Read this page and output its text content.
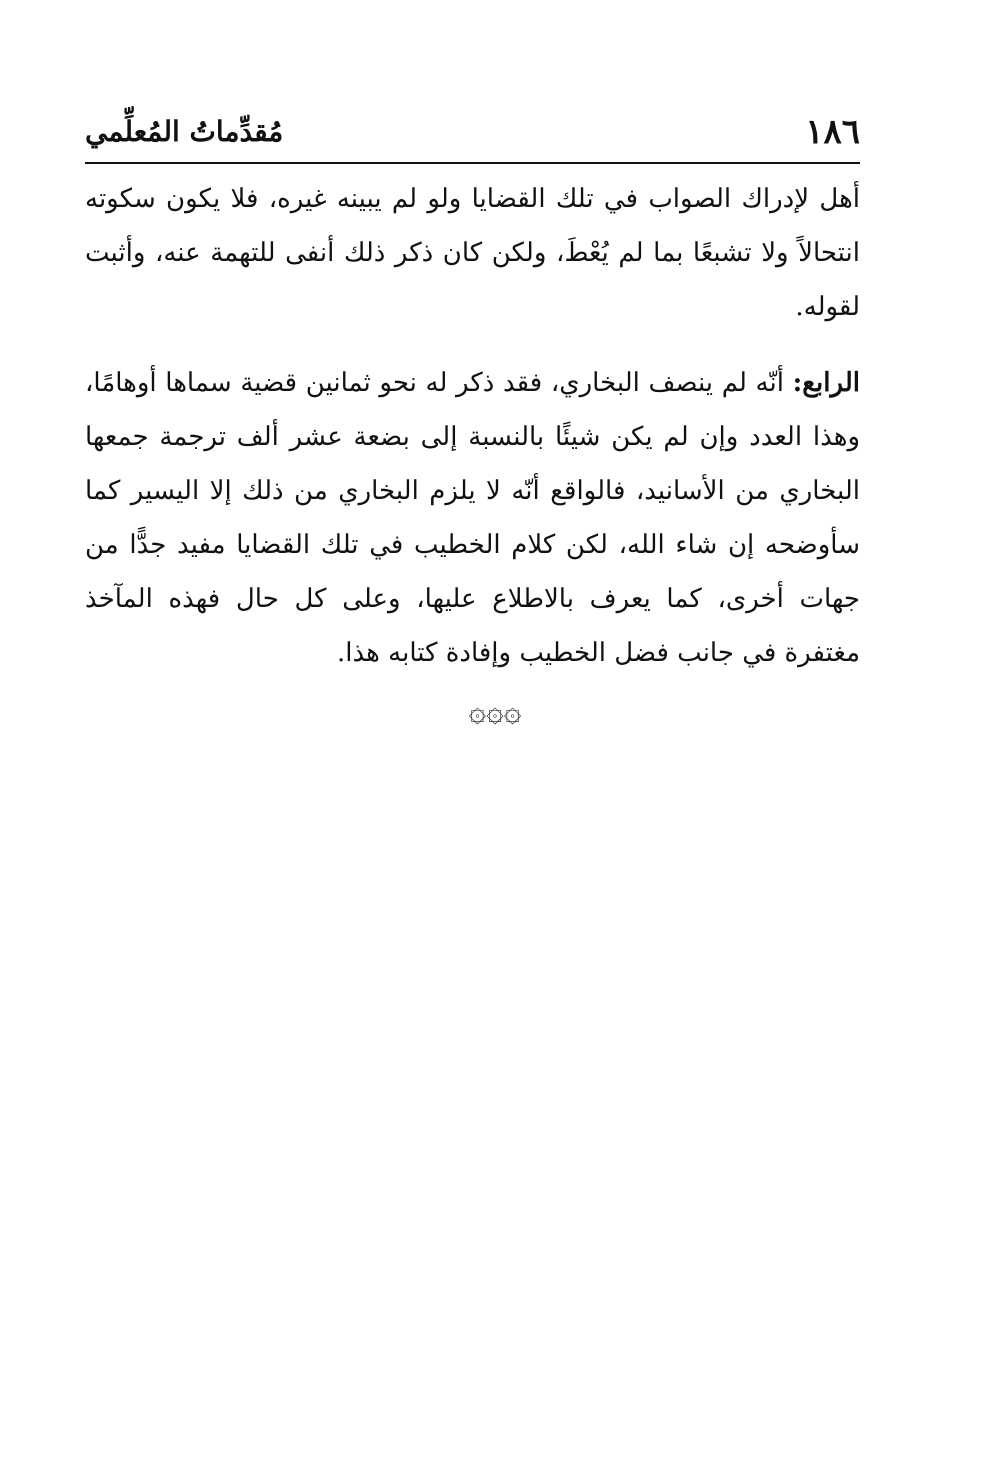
١٨٦
مُقدِّماتُ المُعلِّمي

أهل لإدراك الصواب في تلك القضايا ولو لم يبينه غيره، فلا يكون سكوته انتحالاً ولا تشبعًا بما لم يُعْطَ، ولكن كان ذكر ذلك أنفى للتهمة عنه، وأثبت لقوله.

الرابع: أنّه لم ينصف البخاري، فقد ذكر له نحو ثمانين قضية سماها أوهامًا، وهذا العدد وإن لم يكن شيئًا بالنسبة إلى بضعة عشر ألف ترجمة جمعها البخاري من الأسانيد، فالواقع أنّه لا يلزم البخاري من ذلك إلا اليسير كما سأوضحه إن شاء الله، لكن كلام الخطيب في تلك القضايا مفيد جدًّا من جهات أخرى، كما يعرف بالاطلاع عليها، وعلى كل حال فهذه المآخذ مغتفرة في جانب فضل الخطيب وإفادة كتابه هذا.

۞۞۞
